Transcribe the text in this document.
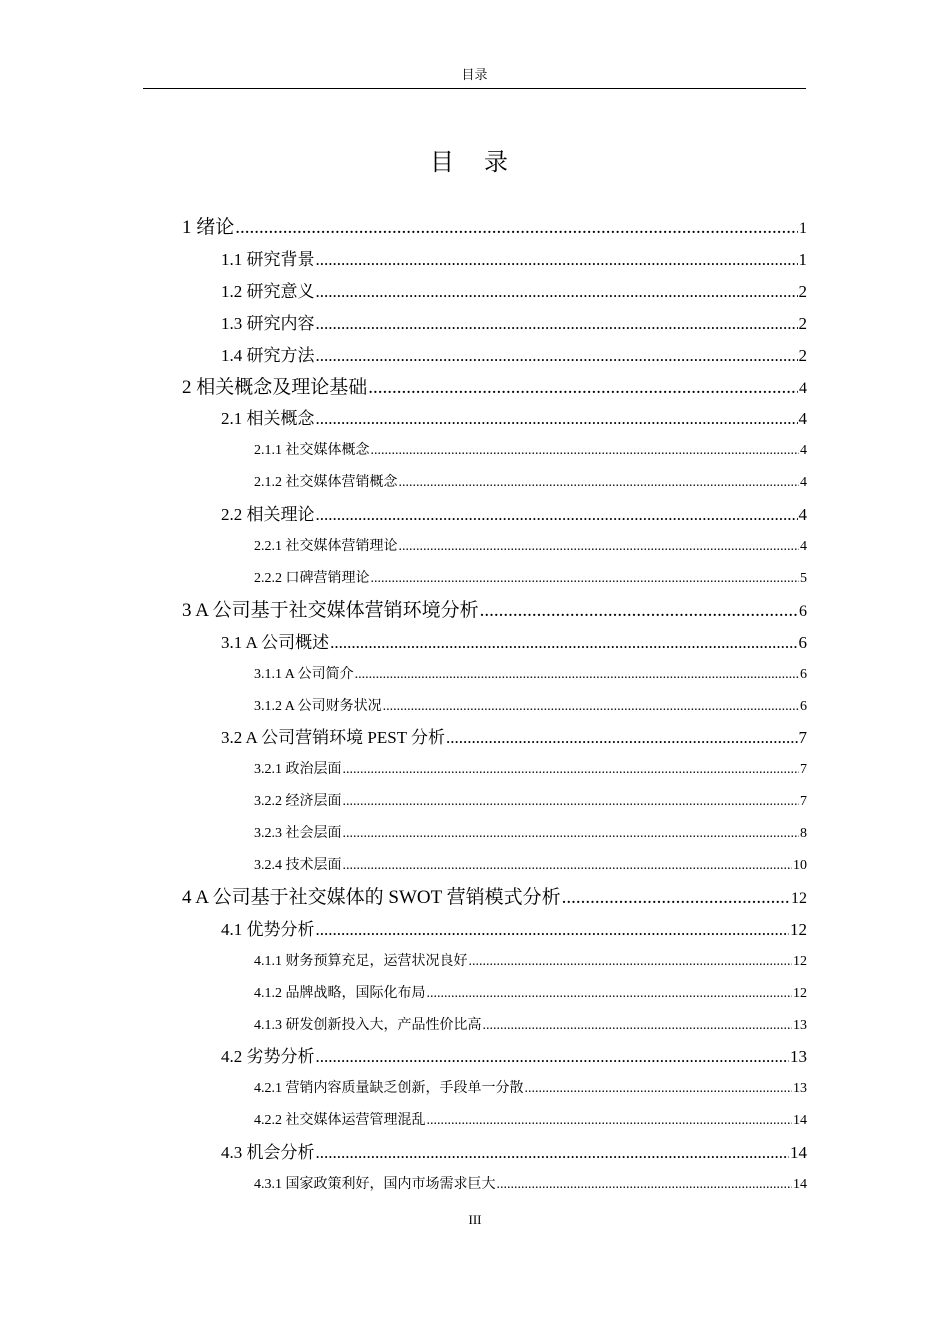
目录
目 录
1 绪论 .....	1
1.1 研究背景 .....	1
1.2 研究意义 .....	2
1.3 研究内容 .....	2
1.4 研究方法 .....	2
2 相关概念及理论基础 .....	4
2.1 相关概念 .....	4
2.1.1 社交媒体概念 .....	4
2.1.2 社交媒体营销概念 .....	4
2.2 相关理论 .....	4
2.2.1 社交媒体营销理论 .....	4
2.2.2 口碑营销理论 .....	5
3 A 公司基于社交媒体营销环境分析 .....	6
3.1 A 公司概述 .....	6
3.1.1 A 公司简介 .....	6
3.1.2 A 公司财务状况 .....	6
3.2 A 公司营销环境 PEST 分析 .....	7
3.2.1 政治层面 .....	7
3.2.2 经济层面 .....	7
3.2.3 社会层面 .....	8
3.2.4 技术层面 .....	10
4 A 公司基于社交媒体的 SWOT 营销模式分析 .....	12
4.1 优势分析 .....	12
4.1.1 财务预算充足，运营状况良好 .....	12
4.1.2 品牌战略，国际化布局 .....	12
4.1.3 研发创新投入大，产品性价比高 .....	13
4.2 劣势分析 .....	13
4.2.1 营销内容质量缺乏创新，手段单一分散 .....	13
4.2.2 社交媒体运营管理混乱 .....	14
4.3 机会分析 .....	14
4.3.1 国家政策利好，国内市场需求巨大 .....	14
III
